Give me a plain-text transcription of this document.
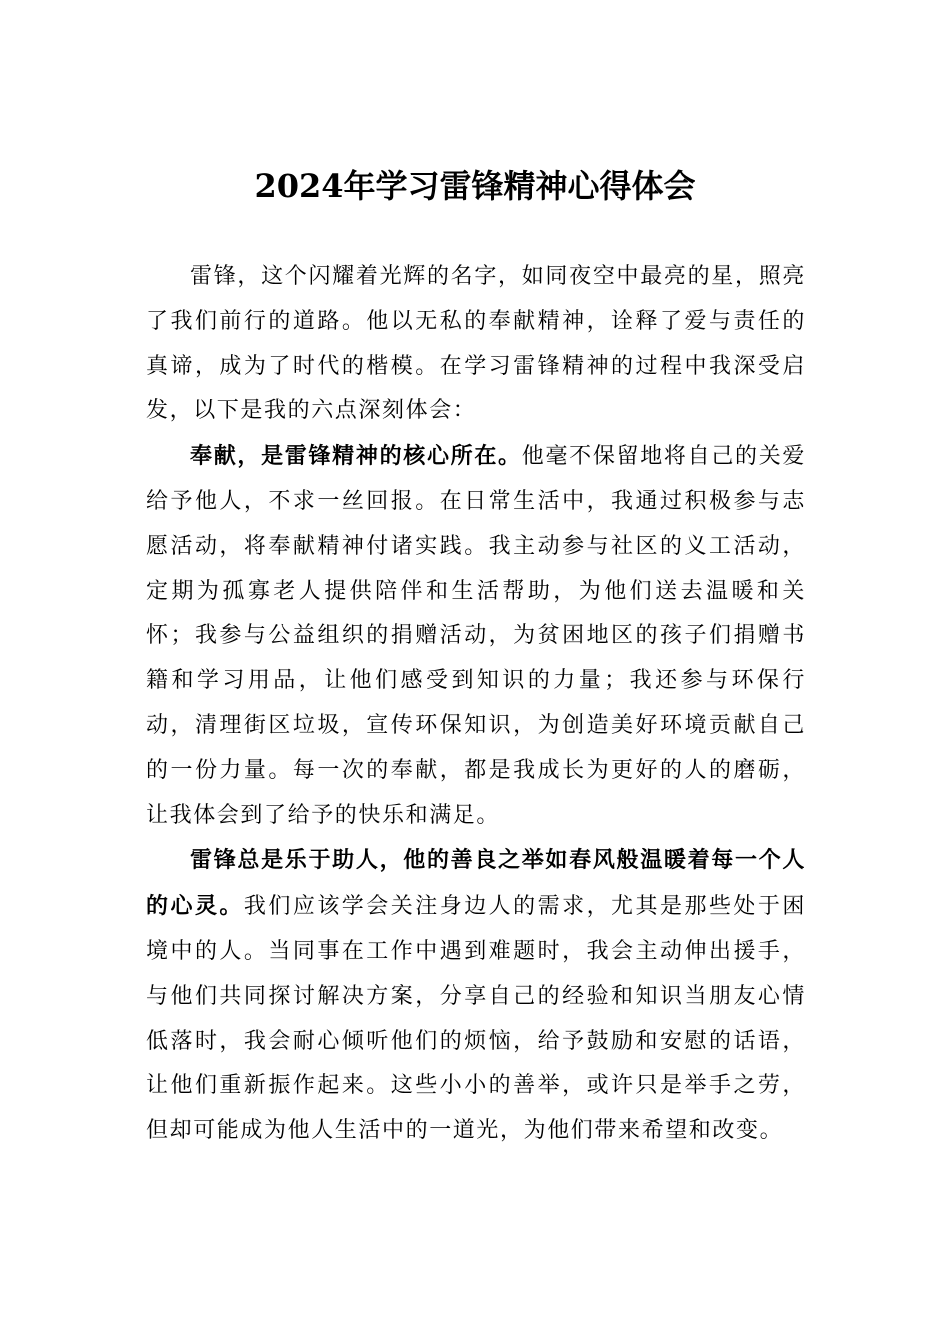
2024年学习雷锋精神心得体会

雷锋，这个闪耀着光辉的名字，如同夜空中最亮的星，照亮了我们前行的道路。他以无私的奉献精神，诠释了爱与责任的真谛，成为了时代的楷模。在学习雷锋精神的过程中我深受启发，以下是我的六点深刻体会：

奉献，是雷锋精神的核心所在。他毫不保留地将自己的关爱给予他人，不求一丝回报。在日常生活中，我通过积极参与志愿活动，将奉献精神付诸实践。我主动参与社区的义工活动，定期为孤寡老人提供陪伴和生活帮助，为他们送去温暖和关怀；我参与公益组织的捐赠活动，为贫困地区的孩子们捐赠书籍和学习用品，让他们感受到知识的力量；我还参与环保行动，清理街区垃圾，宣传环保知识，为创造美好环境贡献自己的一份力量。每一次的奉献，都是我成长为更好的人的磨砺，让我体会到了给予的快乐和满足。

雷锋总是乐于助人，他的善良之举如春风般温暖着每一个人的心灵。我们应该学会关注身边人的需求，尤其是那些处于困境中的人。当同事在工作中遇到难题时，我会主动伸出援手，与他们共同探讨解决方案，分享自己的经验和知识当朋友心情低落时，我会耐心倾听他们的烦恼，给予鼓励和安慰的话语，让他们重新振作起来。这些小小的善举，或许只是举手之劳，但却可能成为他人生活中的一道光，为他们带来希望和改变。
